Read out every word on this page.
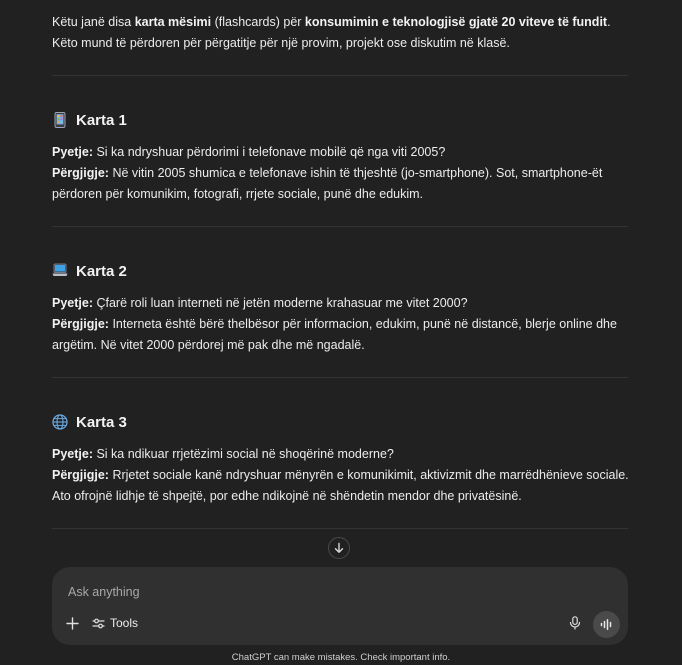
Këtu janë disa karta mësimi (flashcards) për konsumimin e teknologjisë gjatë 20 viteve të fundit. Këto mund të përdoren për përgatitje për një provim, projekt ose diskutim në klasë.

Karta 1

Pyetje: Si ka ndryshuar përdorimi i telefonave mobilë që nga viti 2005?

Përgjigje: Në vitin 2005 shumica e telefonave ishin të thjeshtë (jo-smartphone). Sot, smartphone-ët përdoren për komunikim, fotografi, rrjete sociale, punë dhe edukim.

Karta 2

Pyetje: Çfarë roli luan interneti në jetën moderne krahasuar me vitet 2000?

Përgjigje: Interneta është bërë thelbësor për informacion, edukim, punë në distancë, blerje online dhe argëtim. Në vitet 2000 përdorej më pak dhe më ngadalë.

Karta 3

Pyetje: Si ka ndikuar rrjetëzimi social në shoqërinë moderne?

Përgjigje: Rrjetet sociale kanë ndryshuar mënyrën e komunikimit, aktivizmit dhe marrëdhënieve sociale. Ato ofrojnë lidhje të shpejtë, por edhe ndikojnë në shëndetin mendor dhe privatësinë.

Ask anything
Tools
ChatGPT can make mistakes. Check important info.
